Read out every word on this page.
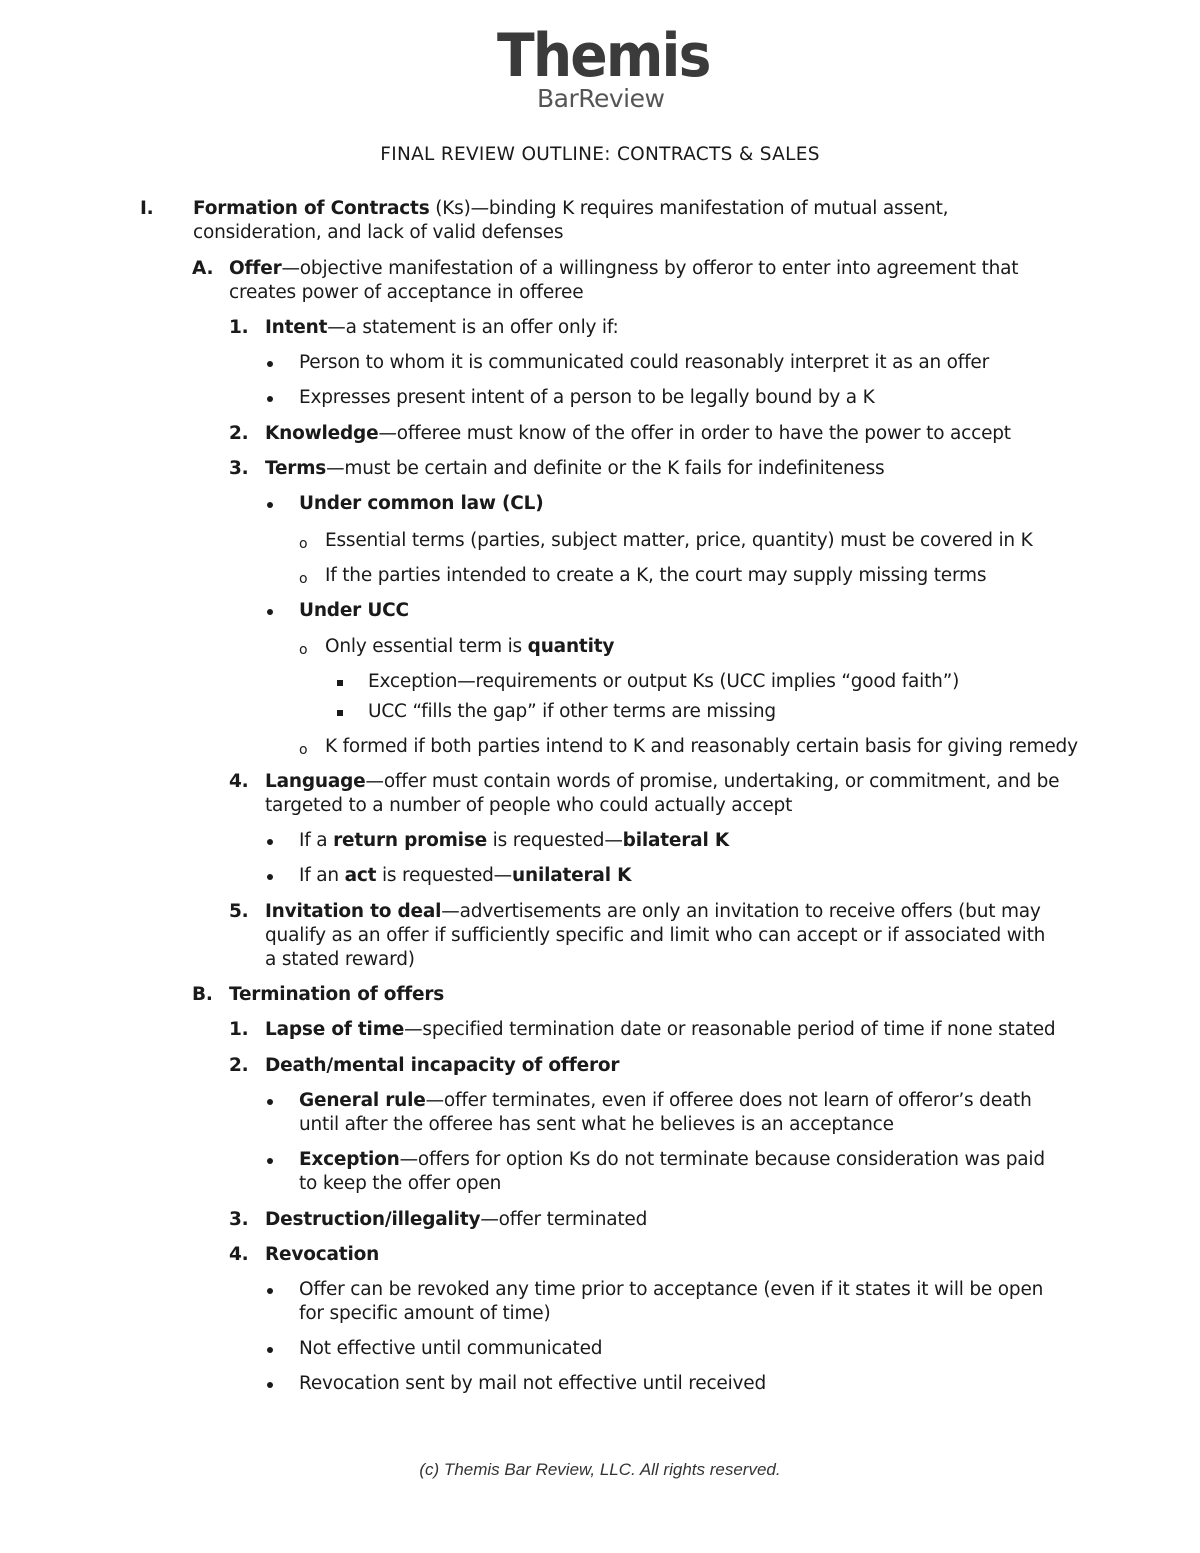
Themis
BarReview
FINAL REVIEW OUTLINE: CONTRACTS & SALES
I. Formation of Contracts (Ks)—binding K requires manifestation of mutual assent, consideration, and lack of valid defenses
A. Offer—objective manifestation of a willingness by offeror to enter into agreement that creates power of acceptance in offeree
1. Intent—a statement is an offer only if:
Person to whom it is communicated could reasonably interpret it as an offer
Expresses present intent of a person to be legally bound by a K
2. Knowledge—offeree must know of the offer in order to have the power to accept
3. Terms—must be certain and definite or the K fails for indefiniteness
Under common law (CL)
o Essential terms (parties, subject matter, price, quantity) must be covered in K
o If the parties intended to create a K, the court may supply missing terms
Under UCC
o Only essential term is quantity
Exception—requirements or output Ks (UCC implies “good faith”)
UCC “fills the gap” if other terms are missing
o K formed if both parties intend to K and reasonably certain basis for giving remedy
4. Language—offer must contain words of promise, undertaking, or commitment, and be targeted to a number of people who could actually accept
If a return promise is requested—bilateral K
If an act is requested—unilateral K
5. Invitation to deal—advertisements are only an invitation to receive offers (but may qualify as an offer if sufficiently specific and limit who can accept or if associated with a stated reward)
B. Termination of offers
1. Lapse of time—specified termination date or reasonable period of time if none stated
2. Death/mental incapacity of offeror
General rule—offer terminates, even if offeree does not learn of offeror’s death until after the offeree has sent what he believes is an acceptance
Exception—offers for option Ks do not terminate because consideration was paid to keep the offer open
3. Destruction/illegality—offer terminated
4. Revocation
Offer can be revoked any time prior to acceptance (even if it states it will be open for specific amount of time)
Not effective until communicated
Revocation sent by mail not effective until received
(c) Themis Bar Review, LLC. All rights reserved.
